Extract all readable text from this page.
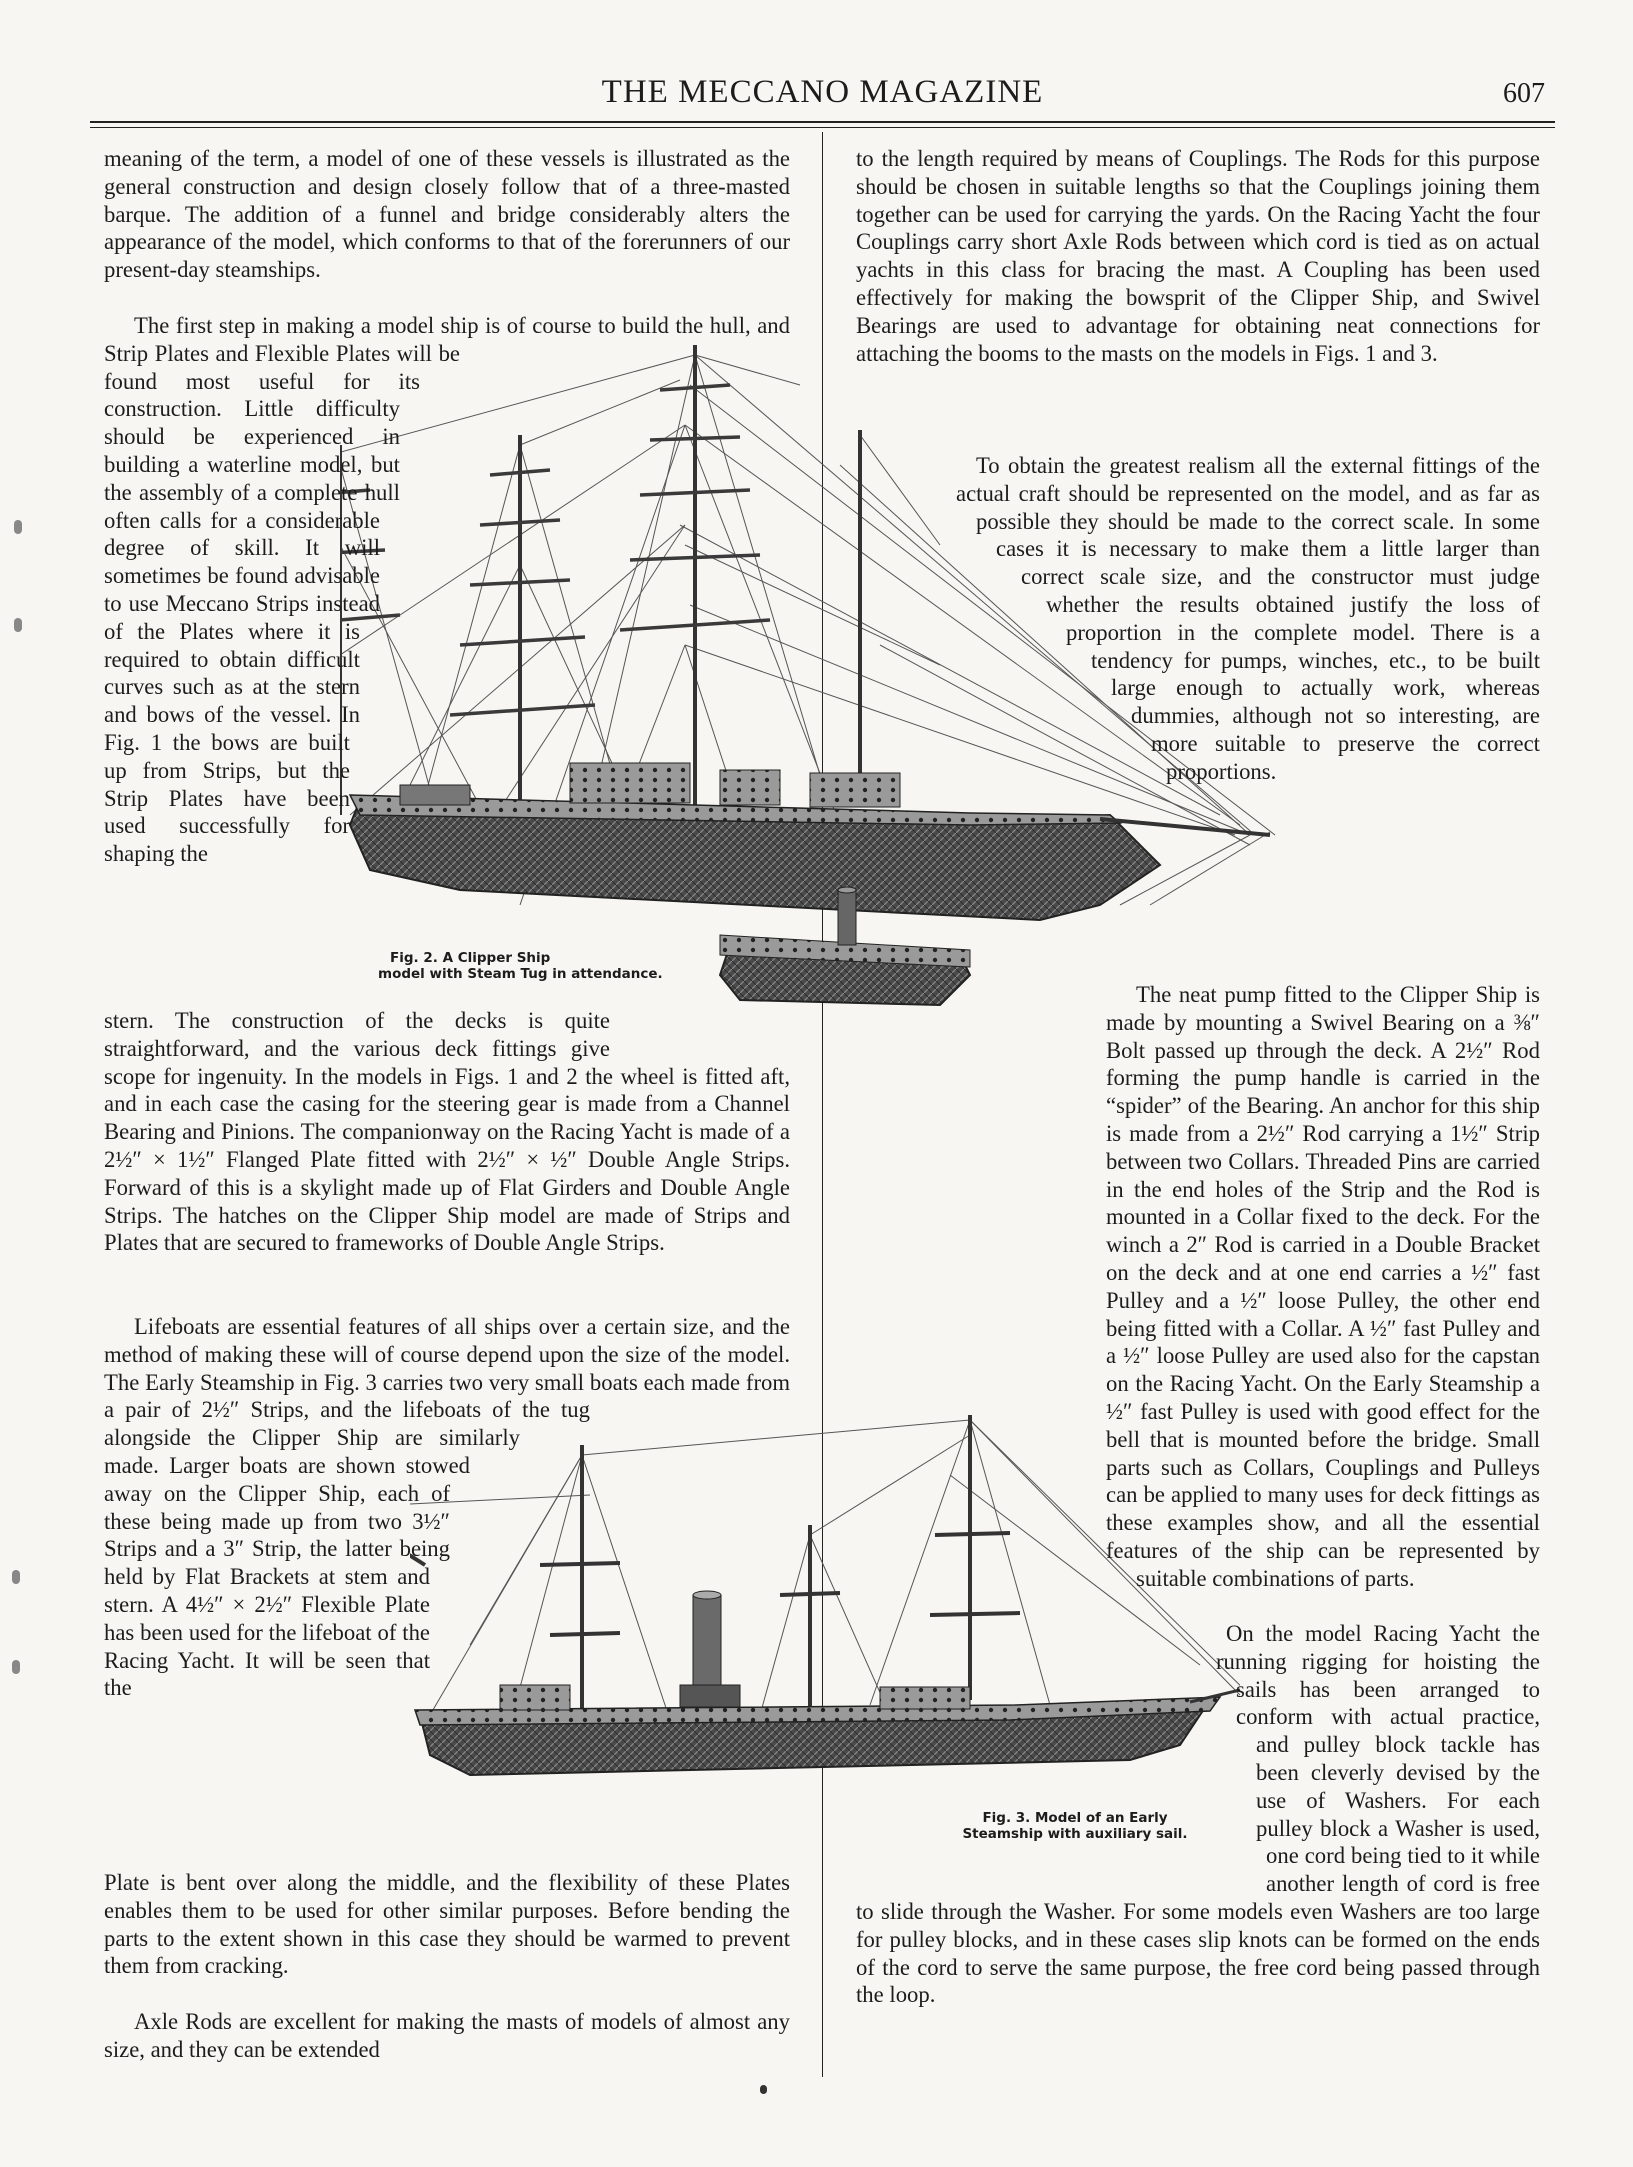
THE MECCANO MAGAZINE	607
Fig. 2. A Clipper Ship
model with Steam Tug in attendance.
Fig. 3. Model of an Early
Steamship with auxiliary sail.

meaning of the term, a model of one of these vessels is illustrated as the general construction and design closely follow that of a three-masted barque. The addition of a funnel and bridge considerably alters the appearance of the model, which conforms to that of the forerunners of our present-day steamships.

The first step in making a model ship is of course to build the hull, and Strip Plates and Flexible Plates will be found most useful for its construction. Little difficulty should be experienced in building a waterline model, but the assembly of a complete hull often calls for a considerable degree of skill. It will sometimes be found advisable to use Meccano Strips instead of the Plates where it is required to obtain difficult curves such as at the stern and bows of the vessel. In Fig. 1 the bows are built up from Strips, but the Strip Plates have been used successfully for shaping the

stern. The construction of the decks is quite straightforward, and the various deck fittings give scope for ingenuity. In the models in Figs. 1 and 2 the wheel is fitted aft, and in each case the casing for the steering gear is made from a Channel Bearing and Pinions. The companionway on the Racing Yacht is made of a 2½″ × 1½″ Flanged Plate fitted with 2½″ × ½″ Double Angle Strips. Forward of this is a skylight made up of Flat Girders and Double Angle Strips. The hatches on the Clipper Ship model are made of Strips and Plates that are secured to frameworks of Double Angle Strips.

Lifeboats are essential features of all ships over a certain size, and the method of making these will of course depend upon the size of the model. The Early Steamship in Fig. 3 carries two very small boats each made from a pair of 2½″ Strips, and the lifeboats of the tug alongside the Clipper Ship are similarly made. Larger boats are shown stowed away on the Clipper Ship, each of these being made up from two 3½″ Strips and a 3″ Strip, the latter being held by Flat Brackets at stem and stern. A 4½″ × 2½″ Flexible Plate has been used for the lifeboat of the Racing Yacht. It will be seen that the

Plate is bent over along the middle, and the flexibility of these Plates enables them to be used for other similar purposes. Before bending the parts to the extent shown in this case they should be warmed to prevent them from cracking.

Axle Rods are excellent for making the masts of models of almost any size, and they can be extended

to the length required by means of Couplings. The Rods for this purpose should be chosen in suitable lengths so that the Couplings joining them together can be used for carrying the yards. On the Racing Yacht the four Couplings carry short Axle Rods between which cord is tied as on actual yachts in this class for bracing the mast. A Coupling has been used effectively for making the bowsprit of the Clipper Ship, and Swivel Bearings are used to advantage for obtaining neat connections for attaching the booms to the masts on the models in Figs. 1 and 3.

To obtain the greatest realism all the external fittings of the actual craft should be represented on the model, and as far as possible they should be made to the correct scale. In some cases it is necessary to make them a little larger than correct scale size, and the constructor must judge whether the results obtained justify the loss of proportion in the complete model. There is a tendency for pumps, winches, etc., to be built large enough to actually work, whereas dummies, although not so interesting, are more suitable to preserve the correct proportions.

The neat pump fitted to the Clipper Ship is made by mounting a Swivel Bearing on a ⅜″ Bolt passed up through the deck. A 2½″ Rod forming the pump handle is carried in the “spider” of the Bearing. An anchor for this ship is made from a 2½″ Rod carrying a 1½″ Strip between two Collars. Threaded Pins are carried in the end holes of the Strip and the Rod is mounted in a Collar fixed to the deck. For the winch a 2″ Rod is carried in a Double Bracket on the deck and at one end carries a ½″ fast Pulley and a ½″ loose Pulley, the other end being fitted with a Collar. A ½″ fast Pulley and a ½″ loose Pulley are used also for the capstan on the Racing Yacht. On the Early Steamship a ½″ fast Pulley is used with good effect for the bell that is mounted before the bridge. Small parts such as Collars, Couplings and Pulleys can be applied to many uses for deck fittings as these examples show, and all the essential features of the ship can be represented by suitable combinations of parts.

On the model Racing Yacht the running rigging for hoisting the sails has been arranged to conform with actual practice, and pulley block tackle has been cleverly devised by the use of Washers. For each pulley block a Washer is used, one cord being tied to it while another length of cord is free to slide through the Washer. For some models even Washers are too large for pulley blocks, and in these cases slip knots can be formed on the ends of the cord to serve the same purpose, the free cord being passed through the loop.
